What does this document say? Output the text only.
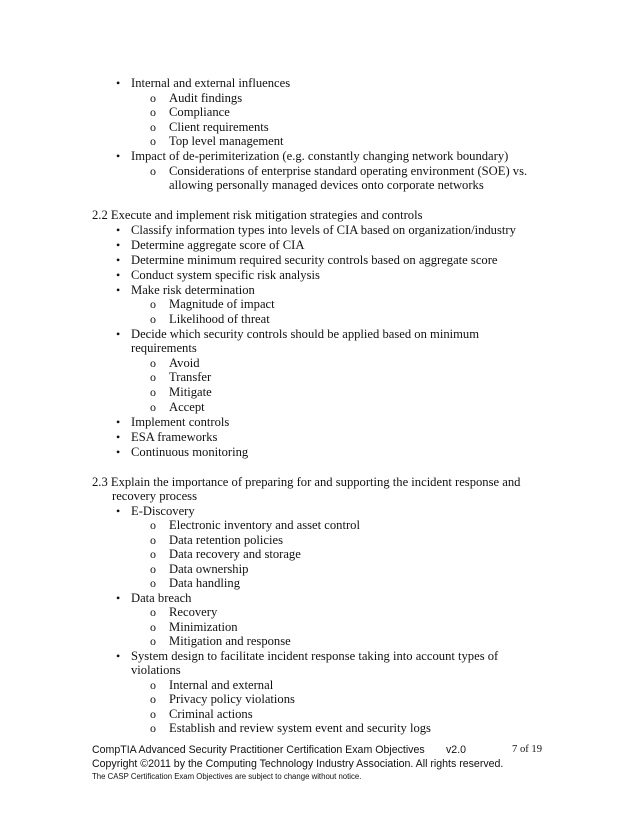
• Internal and external influences
o Audit findings
o Compliance
o Client requirements
o Top level management
• Impact of de-perimiterization (e.g. constantly changing network boundary)
o Considerations of enterprise standard operating environment (SOE) vs.
allowing personally managed devices onto corporate networks
2.2 Execute and implement risk mitigation strategies and controls
• Classify information types into levels of CIA based on organization/industry
• Determine aggregate score of CIA
• Determine minimum required security controls based on aggregate score
• Conduct system specific risk analysis
• Make risk determination
o Magnitude of impact
o Likelihood of threat
• Decide which security controls should be applied based on minimum
requirements
o Avoid
o Transfer
o Mitigate
o Accept
• Implement controls
• ESA frameworks
• Continuous monitoring
2.3 Explain the importance of preparing for and supporting the incident response and
recovery process
• E-Discovery
o Electronic inventory and asset control
o Data retention policies
o Data recovery and storage
o Data ownership
o Data handling
• Data breach
o Recovery
o Minimization
o Mitigation and response
• System design to facilitate incident response taking into account types of
violations
o Internal and external
o Privacy policy violations
o Criminal actions
o Establish and review system event and security logs
CompTIA Advanced Security Practitioner Certification Exam Objectives v2.0	7 of 19
Copyright ©2011 by the Computing Technology Industry Association. All rights reserved.
The CASP Certification Exam Objectives are subject to change without notice.
